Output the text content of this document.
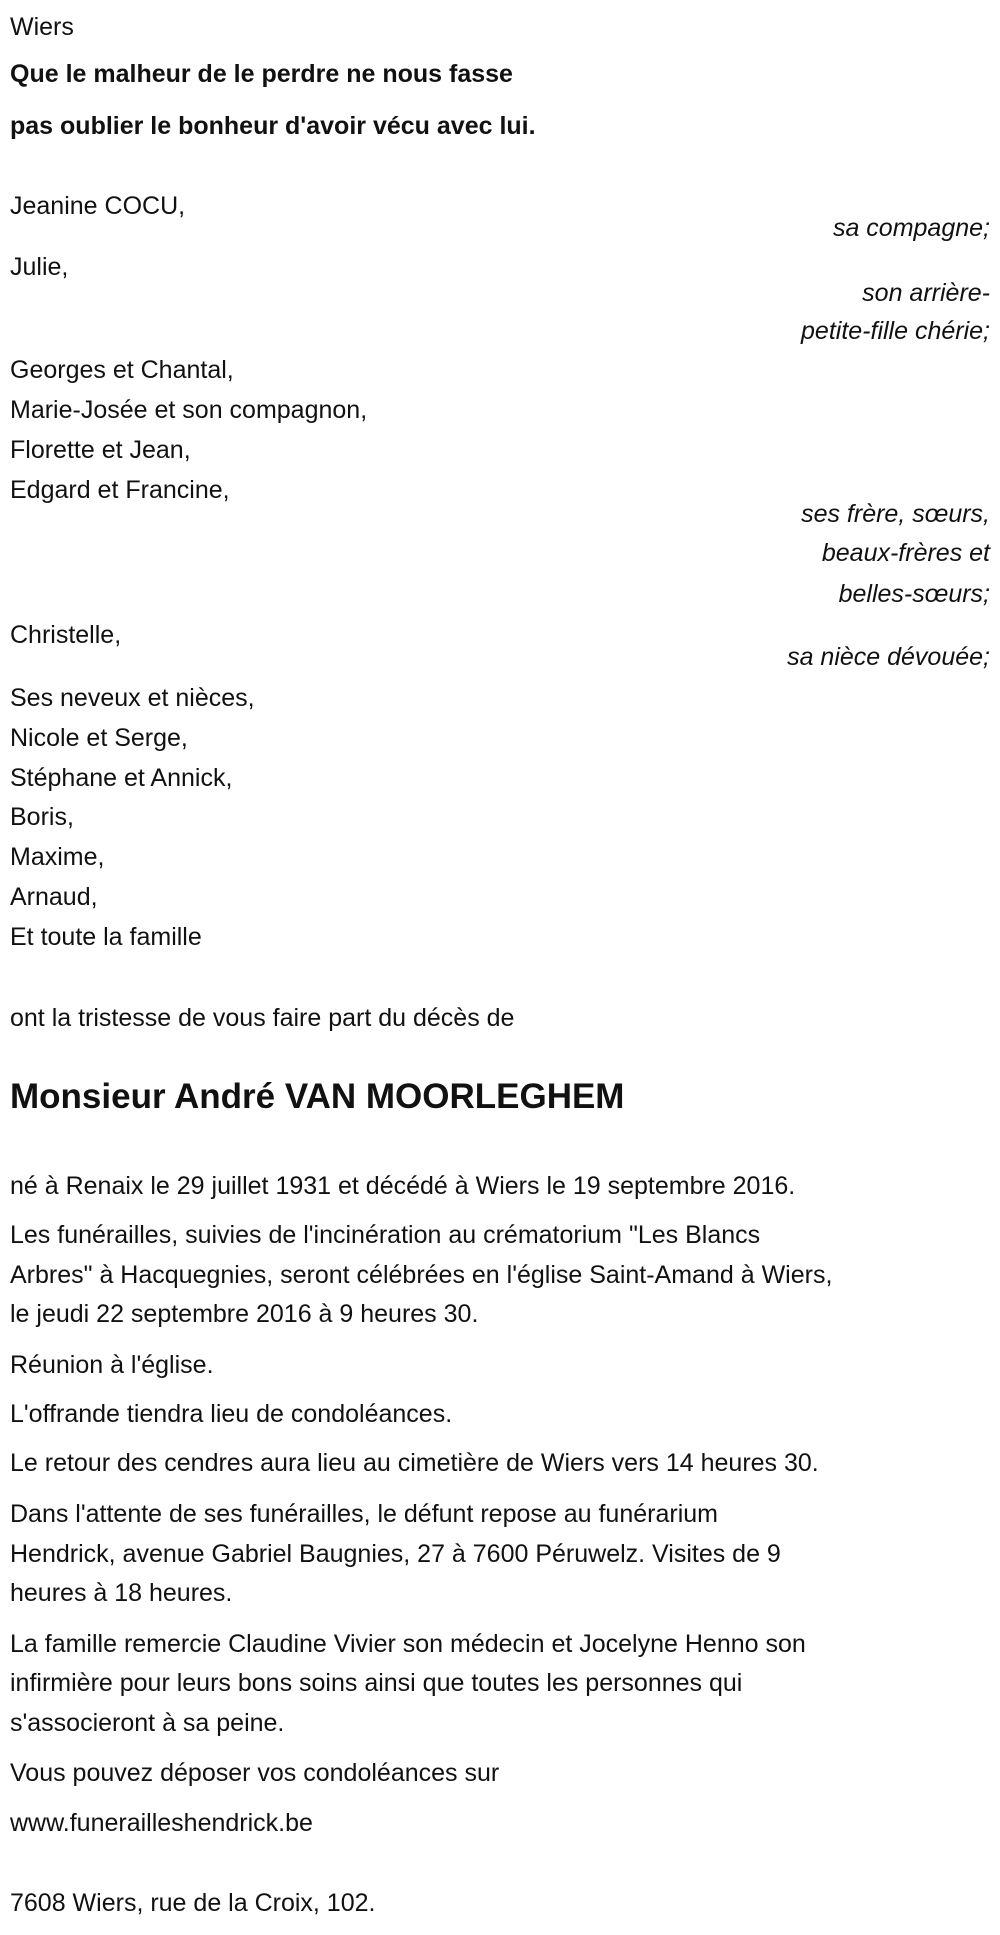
Wiers
Que le malheur de le perdre ne nous fasse
pas oublier le bonheur d'avoir vécu avec lui.
Jeanine COCU,
sa compagne;
Julie,
son arrière-
petite-fille chérie;
Georges et Chantal,
Marie-Josée et son compagnon,
Florette et Jean,
Edgard et Francine,
ses frère, sœurs,
beaux-frères et
belles-sœurs;
Christelle,
sa nièce dévouée;
Ses neveux et nièces,
Nicole et Serge,
Stéphane et Annick,
Boris,
Maxime,
Arnaud,
Et toute la famille
ont la tristesse de vous faire part du décès de
Monsieur André VAN MOORLEGHEM
né à Renaix le 29 juillet 1931 et décédé à Wiers le 19 septembre 2016.
Les funérailles, suivies de l'incinération au crématorium "Les Blancs
Arbres" à Hacquegnies, seront célébrées en l'église Saint-Amand à Wiers,
le jeudi 22 septembre 2016 à 9 heures 30.
Réunion à l'église.
L'offrande tiendra lieu de condoléances.
Le retour des cendres aura lieu au cimetière de Wiers vers 14 heures 30.
Dans l'attente de ses funérailles, le défunt repose au funérarium
Hendrick, avenue Gabriel Baugnies, 27 à 7600 Péruwelz. Visites de 9
heures à 18 heures.
La famille remercie Claudine Vivier son médecin et Jocelyne Henno son
infirmière pour leurs bons soins ainsi que toutes les personnes qui
s'associeront à sa peine.
Vous pouvez déposer vos condoléances sur
www.funerailleshendrick.be
7608 Wiers, rue de la Croix, 102.
